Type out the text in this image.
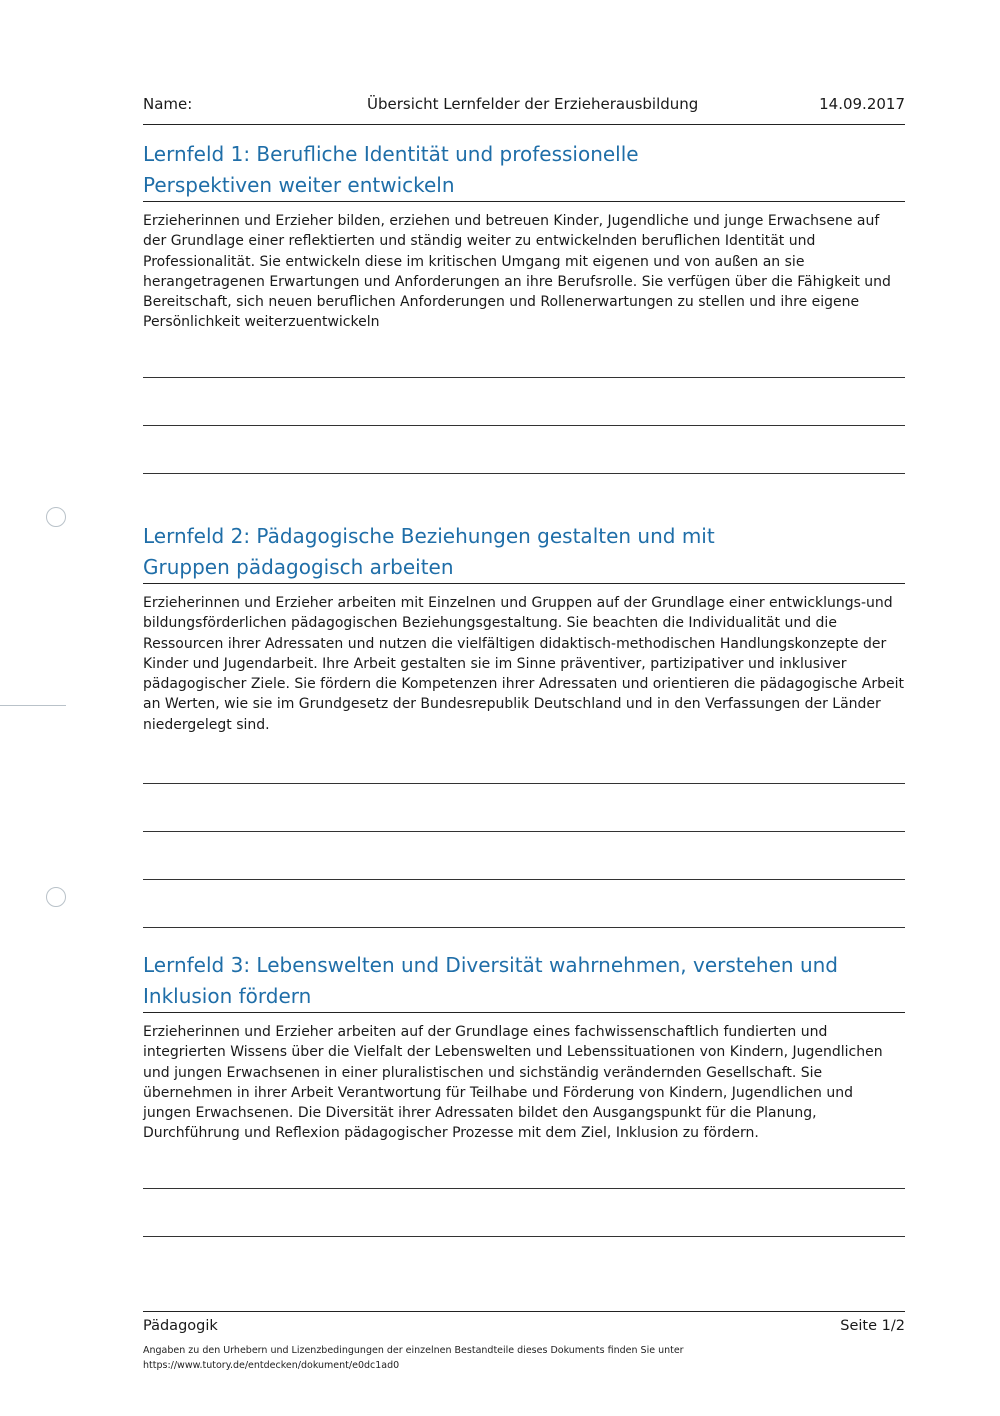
Name:	Übersicht Lernfelder der Erzieherausbildung	14.09.2017
Lernfeld 1: Berufliche Identität und professionelle Perspektiven weiter entwickeln

Erzieherinnen und Erzieher bilden, erziehen und betreuen Kinder, Jugendliche und junge Erwachsene auf der Grundlage einer reflektierten und ständig weiter zu entwickelnden beruflichen Identität und Professionalität. Sie entwickeln diese im kritischen Umgang mit eigenen und von außen an sie herangetragenen Erwartungen und Anforderungen an ihre Berufsrolle. Sie verfügen über die Fähigkeit und Bereitschaft, sich neuen beruflichen Anforderungen und Rollenerwartungen zu stellen und ihre eigene Persönlichkeit weiterzuentwickeln

Lernfeld 2: Pädagogische Beziehungen gestalten und mit Gruppen pädagogisch arbeiten

Erzieherinnen und Erzieher arbeiten mit Einzelnen und Gruppen auf der Grundlage einer entwicklungs-und bildungsförderlichen pädagogischen Beziehungsgestaltung. Sie beachten die Individualität und die Ressourcen ihrer Adressaten und nutzen die vielfältigen didaktisch-methodischen Handlungskonzepte der Kinder und Jugendarbeit. Ihre Arbeit gestalten sie im Sinne präventiver, partizipativer und inklusiver pädagogischer Ziele. Sie fördern die Kompetenzen ihrer Adressaten und orientieren die pädagogische Arbeit an Werten, wie sie im Grundgesetz der Bundesrepublik Deutschland und in den Verfassungen der Länder niedergelegt sind.

Lernfeld 3: Lebenswelten und Diversität wahrnehmen, verstehen und Inklusion fördern

Erzieherinnen und Erzieher arbeiten auf der Grundlage eines fachwissenschaftlich fundierten und integrierten Wissens über die Vielfalt der Lebenswelten und Lebenssituationen von Kindern, Jugendlichen und jungen Erwachsenen in einer pluralistischen und sichständig verändernden Gesellschaft. Sie übernehmen in ihrer Arbeit Verantwortung für Teilhabe und Förderung von Kindern, Jugendlichen und jungen Erwachsenen. Die Diversität ihrer Adressaten bildet den Ausgangspunkt für die Planung, Durchführung und Reflexion pädagogischer Prozesse mit dem Ziel, Inklusion zu fördern.

Pädagogik	Seite 1/2
Angaben zu den Urhebern und Lizenzbedingungen der einzelnen Bestandteile dieses Dokuments finden Sie unter
https://www.tutory.de/entdecken/dokument/e0dc1ad0
